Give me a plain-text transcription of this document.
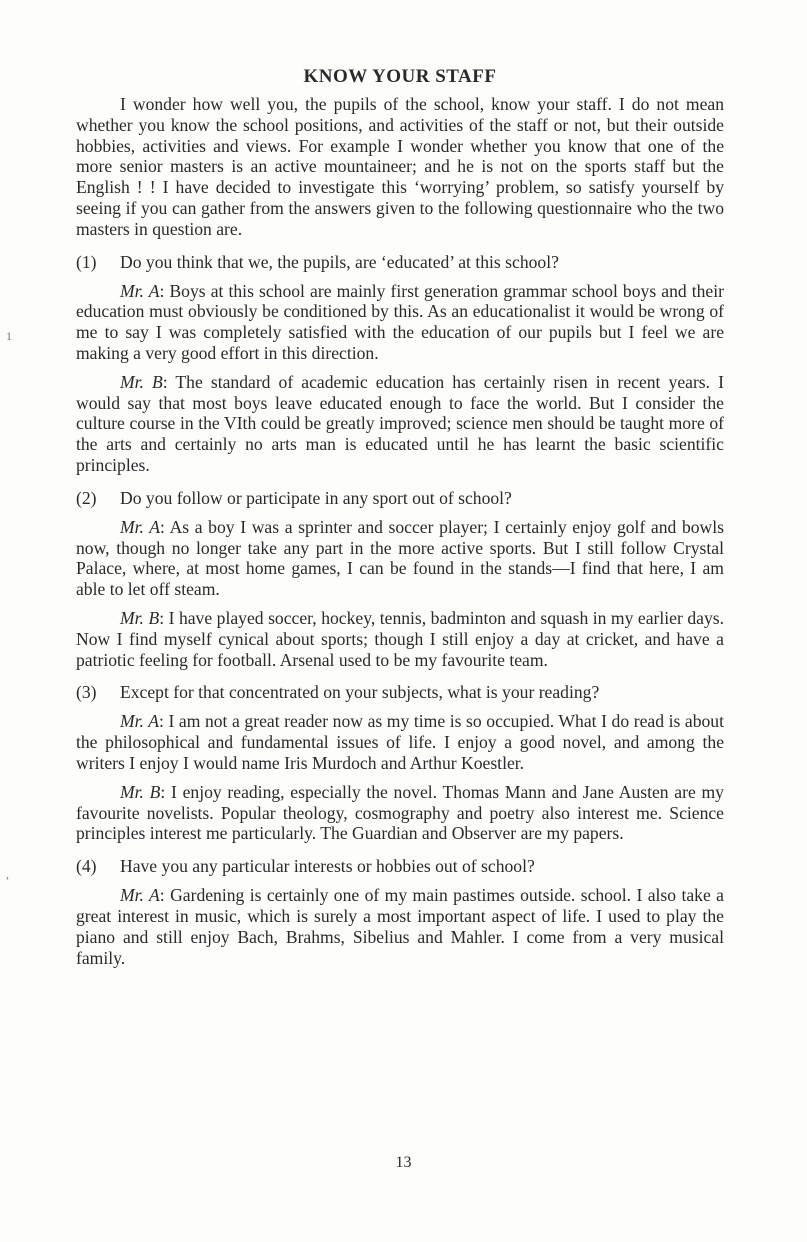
1
,
KNOW YOUR STAFF

I wonder how well you, the pupils of the school, know your staff. I do not mean whether you know the school positions, and activities of the staff or not, but their outside hobbies, activities and views. For example I wonder whether you know that one of the more senior masters is an active mountaineer; and he is not on the sports staff but the English ! ! I have decided to investigate this ‘worrying’ problem, so satisfy yourself by seeing if you can gather from the answers given to the following questionnaire who the two masters in question are.

(1)	Do you think that we, the pupils, are ‘educated’ at this school?

Mr. A: Boys at this school are mainly first generation grammar school boys and their education must obviously be conditioned by this. As an educationalist it would be wrong of me to say I was completely satisfied with the education of our pupils but I feel we are making a very good effort in this direction.

Mr. B: The standard of academic education has certainly risen in recent years. I would say that most boys leave educated enough to face the world. But I consider the culture course in the VIth could be greatly improved; science men should be taught more of the arts and certainly no arts man is educated until he has learnt the basic scientific principles.

(2)	Do you follow or participate in any sport out of school?

Mr. A: As a boy I was a sprinter and soccer player; I certainly enjoy golf and bowls now, though no longer take any part in the more active sports. But I still follow Crystal Palace, where, at most home games, I can be found in the stands—I find that here, I am able to let off steam.

Mr. B: I have played soccer, hockey, tennis, badminton and squash in my earlier days. Now I find myself cynical about sports; though I still enjoy a day at cricket, and have a patriotic feeling for football. Arsenal used to be my favourite team.

(3)	Except for that concentrated on your subjects, what is your reading?

Mr. A: I am not a great reader now as my time is so occupied. What I do read is about the philosophical and fundamental issues of life. I enjoy a good novel, and among the writers I enjoy I would name Iris Murdoch and Arthur Koestler.

Mr. B: I enjoy reading, especially the novel. Thomas Mann and Jane Austen are my favourite novelists. Popular theology, cosmography and poetry also interest me. Science principles interest me particularly. The Guardian and Observer are my papers.

(4)	Have you any particular interests or hobbies out of school?

Mr. A: Gardening is certainly one of my main pastimes outside. school. I also take a great interest in music, which is surely a most important aspect of life. I used to play the piano and still enjoy Bach, Brahms, Sibelius and Mahler. I come from a very musical family.

13
